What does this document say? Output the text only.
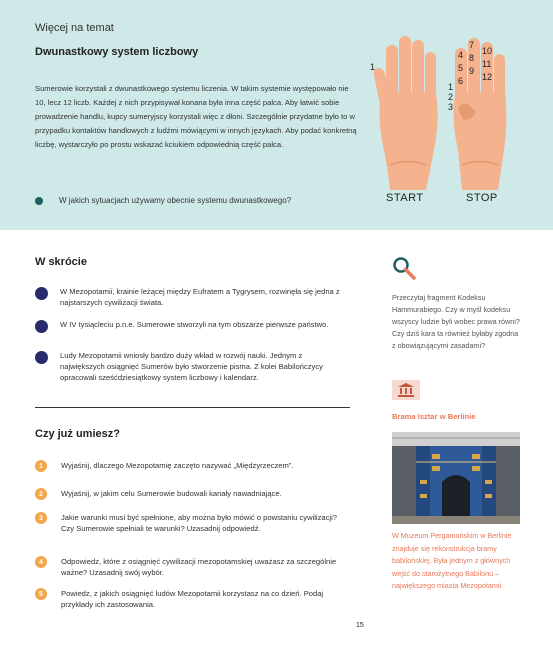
Więcej na temat
Dwunastkowy system liczbowy
Sumerowie korzystali z dwunastkowego systemu liczenia. W takim systemie występowało nie 10, lecz 12 liczb. Każdej z nich przypisywał konana była inna część palca. Aby łatwić sobie prowadzenie handlu, kupcy sumeryjscy korzystali więc z dłoni. Szczególnie przydatne było to w przypadku kontaktów handlowych z ludźmi mówiącymi w innych językach. Aby podać konkretną liczbę, wystarczyło po prostu wskazać kciukiem odpowiednią część palca.
W jakich sytuacjach używamy obecnie systemu dwunastkowego?
1
4
5
6
7
8
9
10
11
12
1
2
3
START	STOP
W skrócie
W Mezopotamii, krainie leżącej między Eufratem a Tygrysem, rozwinęła się jedna z najstarszych cywilizacji świata.
W IV tysiącleciu p.n.e. Sumerowie stworzyli na tym obszarze pierwsze państwo.
Ludy Mezopotamii wniosły bardzo duży wkład w rozwój nauki. Jednym z największych osiągnięć Sumerów było stworzenie pisma. Z kolei Babilończycy opracowali sześćdziesiątkowy system liczbowy i kalendarz.
Czy już umiesz?
1	Wyjaśnij, dlaczego Mezopotamię zaczęto nazywać „Międzyrzeczem”.
2	Wyjaśnij, w jakim celu Sumerowie budowali kanały nawadniające.
3	Jakie warunki musi być spełnione, aby można było mówić o powstaniu cywilizacji? Czy Sumerowie spełniali te warunki? Uzasadnij odpowiedź.
4	Odpowiedz, które z osiągnięć cywilizacji mezopotamskiej uważasz za szczególnie ważne? Uzasadnij swój wybór.
5	Powiedz, z jakich osiągnięć ludów Mezopotamii korzystasz na co dzień. Podaj przykłady ich zastosowania.
Przeczytaj fragment Kodeksu Hammurabiego. Czy w myśl kodeksu wszyscy ludzie byli wobec prawa równi? Czy dziś kara ta również byłaby zgodna z obowiązującymi zasadami?
Brama Isztar w Berlinie
W Muzeum Pergamońskim w Berlinie znajduje się rekonstrukcja bramy babilońskiej. Była jednym z głównych wejść do starożytnego Babilonu – największego miasta Mezopotamii.
15
